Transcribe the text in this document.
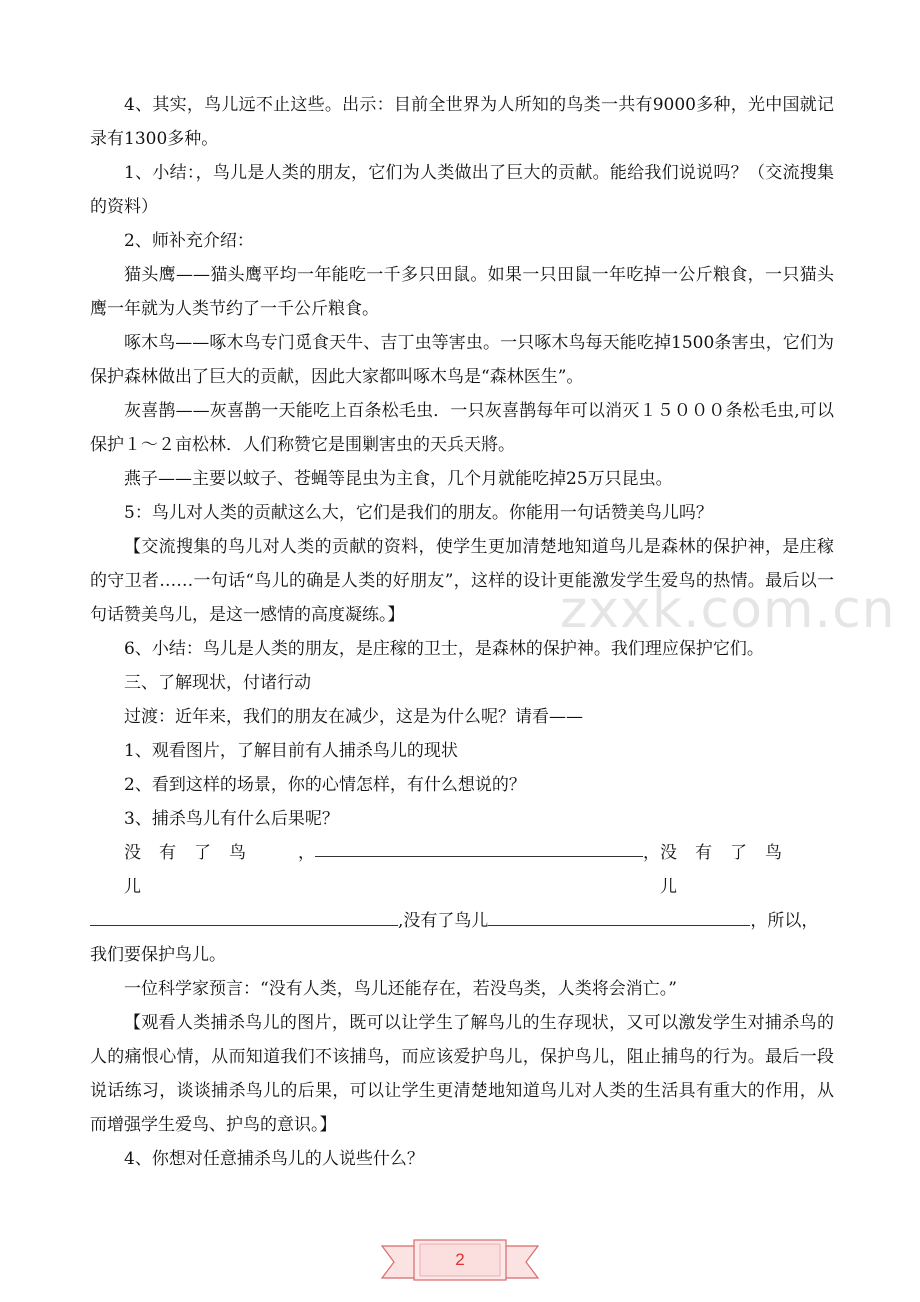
4、其实，鸟儿远不止这些。出示：目前全世界为人所知的鸟类一共有9000多种，光中国就记录有1300多种。

1、小结：，鸟儿是人类的朋友，它们为人类做出了巨大的贡献。能给我们说说吗？（交流搜集的资料）

2、师补充介绍：

猫头鹰——猫头鹰平均一年能吃一千多只田鼠。如果一只田鼠一年吃掉一公斤粮食，一只猫头鹰一年就为人类节约了一千公斤粮食。

啄木鸟——啄木鸟专门觅食天牛、吉丁虫等害虫。一只啄木鸟每天能吃掉1500条害虫，它们为保护森林做出了巨大的贡献，因此大家都叫啄木鸟是“森林医生”。

灰喜鹊——灰喜鹊一天能吃上百条松毛虫．一只灰喜鹊每年可以消灭１５０００条松毛虫,可以保护１～２亩松林．人们称赞它是围剿害虫的天兵天將。

燕子——主要以蚊子、苍蝇等昆虫为主食，几个月就能吃掉25万只昆虫。

5：鸟儿对人类的贡献这么大，它们是我们的朋友。你能用一句话赞美鸟儿吗？

【交流搜集的鸟儿对人类的贡献的资料，使学生更加清楚地知道鸟儿是森林的保护神，是庄稼的守卫者……一句话“鸟儿的确是人类的好朋友”，这样的设计更能激发学生爱鸟的热情。最后以一句话赞美鸟儿，是这一感情的高度凝练。】

6、小结：鸟儿是人类的朋友，是庄稼的卫士，是森林的保护神。我们理应保护它们。

三、了解现状，付诸行动

过渡：近年来，我们的朋友在减少，这是为什么呢？请看——

1、观看图片，了解目前有人捕杀鸟儿的现状

2、看到这样的场景，你的心情怎样，有什么想说的？

3、捕杀鸟儿有什么后果呢？

没有了鸟儿
，	， 没有了鸟儿
,没有了鸟儿	，所以，

我们要保护鸟儿。

一位科学家预言：“没有人类，鸟儿还能存在，若没鸟类，人类将会消亡。”

【观看人类捕杀鸟儿的图片，既可以让学生了解鸟儿的生存现状，又可以激发学生对捕杀鸟的人的痛恨心情，从而知道我们不该捕鸟，而应该爱护鸟儿，保护鸟儿，阻止捕鸟的行为。最后一段说话练习，谈谈捕杀鸟儿的后果，可以让学生更清楚地知道鸟儿对人类的生活具有重大的作用，从而增强学生爱鸟、护鸟的意识。】

4、你想对任意捕杀鸟儿的人说些什么？

zxxk.com.cn
2
